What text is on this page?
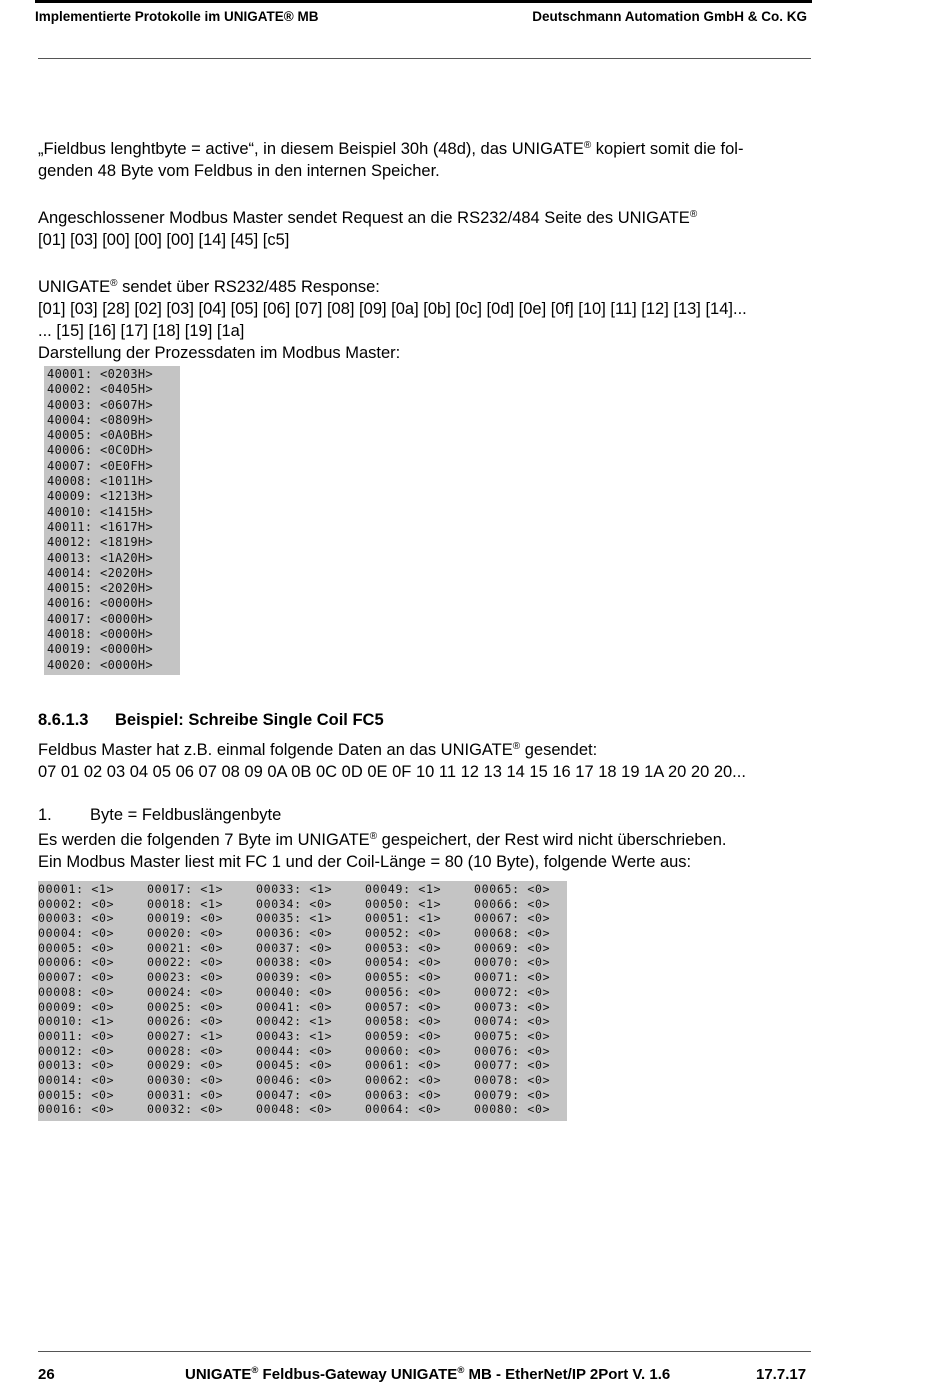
Implementierte Protokolle im UNIGATE® MB	Deutschmann Automation GmbH & Co. KG
„Fieldbus lenghtbyte = active“, in diesem Beispiel 30h (48d), das UNIGATE® kopiert somit die fol-
genden 48 Byte vom Feldbus in den internen Speicher.
Angeschlossener Modbus Master sendet Request an die RS232/484 Seite des UNIGATE®
[01] [03] [00] [00] [00] [14] [45] [c5]
UNIGATE® sendet über RS232/485 Response:
[01] [03] [28] [02] [03] [04] [05] [06] [07] [08] [09] [0a] [0b] [0c] [0d] [0e] [0f] [10] [11] [12] [13] [14]...
... [15] [16] [17] [18] [19] [1a]
Darstellung der Prozessdaten im Modbus Master:
40001: <0203H>
40002: <0405H>
40003: <0607H>
40004: <0809H>
40005: <0A0BH>
40006: <0C0DH>
40007: <0E0FH>
40008: <1011H>
40009: <1213H>
40010: <1415H>
40011: <1617H>
40012: <1819H>
40013: <1A20H>
40014: <2020H>
40015: <2020H>
40016: <0000H>
40017: <0000H>
40018: <0000H>
40019: <0000H>
40020: <0000H>
8.6.1.3 Beispiel: Schreibe Single Coil FC5
Feldbus Master hat z.B. einmal folgende Daten an das UNIGATE® gesendet:
07 01 02 03 04 05 06 07 08 09 0A 0B 0C 0D 0E 0F 10 11 12 13 14 15 16 17 18 19 1A 20 20 20...
1. Byte = Feldbuslängenbyte
Es werden die folgenden 7 Byte im UNIGATE® gespeichert, der Rest wird nicht überschrieben.
Ein Modbus Master liest mit FC 1 und der Coil-Länge = 80 (10 Byte), folgende Werte aus:
00001: <1>	00017: <1>	00033: <1>	00049: <1>	00065: <0>
00002: <0>	00018: <1>	00034: <0>	00050: <1>	00066: <0>
00003: <0>	00019: <0>	00035: <1>	00051: <1>	00067: <0>
00004: <0>	00020: <0>	00036: <0>	00052: <0>	00068: <0>
00005: <0>	00021: <0>	00037: <0>	00053: <0>	00069: <0>
00006: <0>	00022: <0>	00038: <0>	00054: <0>	00070: <0>
00007: <0>	00023: <0>	00039: <0>	00055: <0>	00071: <0>
00008: <0>	00024: <0>	00040: <0>	00056: <0>	00072: <0>
00009: <0>	00025: <0>	00041: <0>	00057: <0>	00073: <0>
00010: <1>	00026: <0>	00042: <1>	00058: <0>	00074: <0>
00011: <0>	00027: <1>	00043: <1>	00059: <0>	00075: <0>
00012: <0>	00028: <0>	00044: <0>	00060: <0>	00076: <0>
00013: <0>	00029: <0>	00045: <0>	00061: <0>	00077: <0>
00014: <0>	00030: <0>	00046: <0>	00062: <0>	00078: <0>
00015: <0>	00031: <0>	00047: <0>	00063: <0>	00079: <0>
00016: <0>	00032: <0>	00048: <0>	00064: <0>	00080: <0>
26	UNIGATE® Feldbus-Gateway UNIGATE® MB - EtherNet/IP 2Port V. 1.6	17.7.17
